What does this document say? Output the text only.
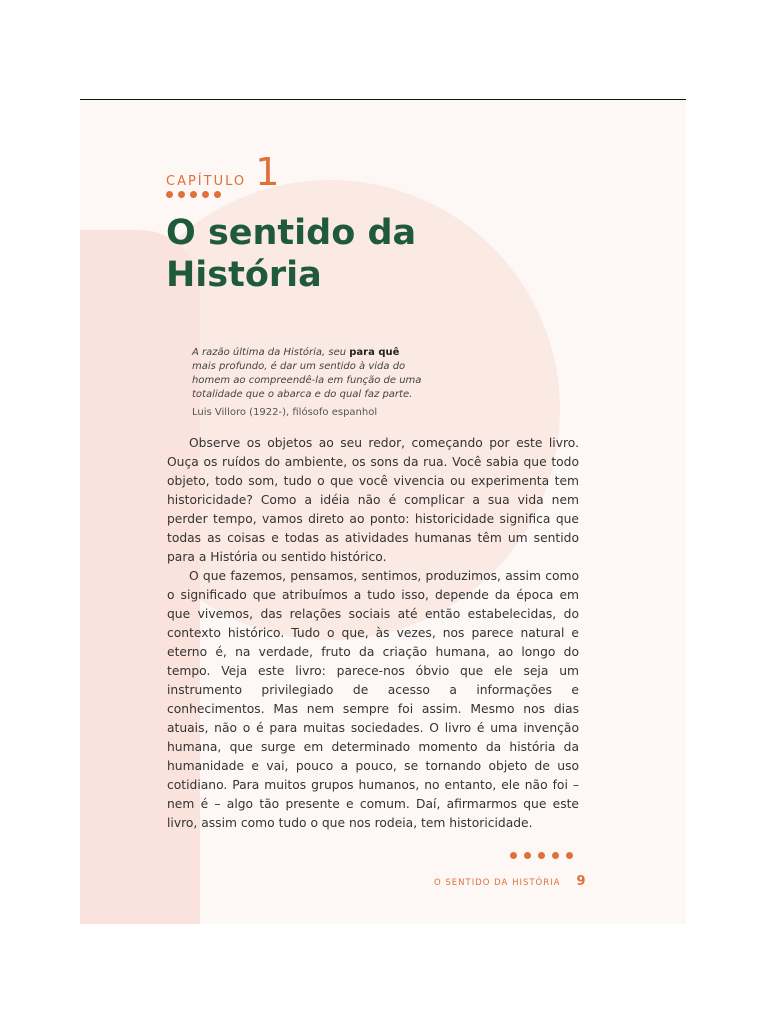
CAPÍTULO 1
O sentido da
História

A razão última da História, seu para quê mais profundo, é dar um sentido à vida do homem ao compreendê-la em função de uma totalidade que o abarca e do qual faz parte.

Luis Villoro (1922-), filósofo espanhol

Observe os objetos ao seu redor, começando por este livro. Ouça os ruídos do ambiente, os sons da rua. Você sabia que todo objeto, todo som, tudo o que você vivencia ou experimenta tem historicidade? Como a idéia não é complicar a sua vida nem perder tempo, vamos direto ao ponto: historicidade significa que todas as coisas e todas as atividades humanas têm um sentido para a História ou sentido histórico.

O que fazemos, pensamos, sentimos, produzimos, assim como o significado que atribuímos a tudo isso, depende da época em que vivemos, das relações sociais até então estabelecidas, do contexto histórico. Tudo o que, às vezes, nos parece natural e eterno é, na verdade, fruto da criação humana, ao longo do tempo. Veja este livro: parece-nos óbvio que ele seja um instrumento privilegiado de acesso a informações e conhecimentos. Mas nem sempre foi assim. Mesmo nos dias atuais, não o é para muitas sociedades. O livro é uma invenção humana, que surge em determinado momento da história da humanidade e vai, pouco a pouco, se tornando objeto de uso cotidiano. Para muitos grupos humanos, no entanto, ele não foi – nem é – algo tão presente e comum. Daí, afirmarmos que este livro, assim como tudo o que nos rodeia, tem historicidade.

O SENTIDO DA HISTÓRIA 9
